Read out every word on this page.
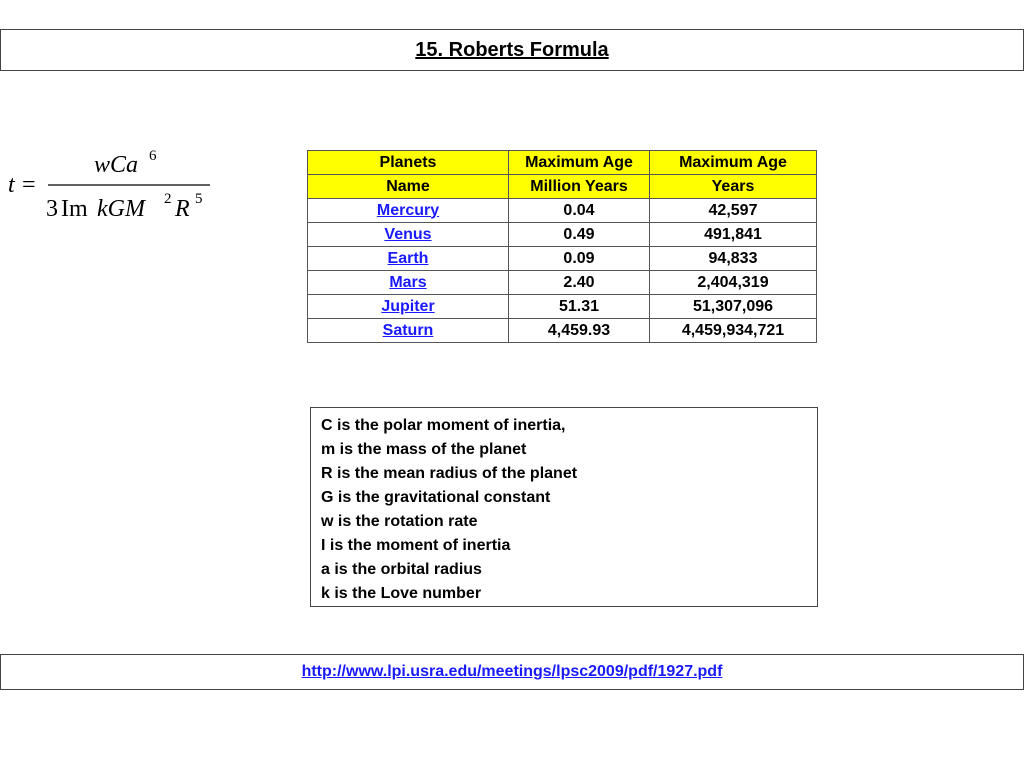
15. Roberts Formula
t =
wCa 6
3 Im kGM 2 R 5
Planets	Maximum Age	Maximum Age
Name	Million Years	Years
Mercury	0.04	42,597
Venus	0.49	491,841
Earth	0.09	94,833
Mars	2.40	2,404,319
Jupiter	51.31	51,307,096
Saturn	4,459.93	4,459,934,721
C is the polar moment of inertia,
m is the mass of the planet
R is the mean radius of the planet
G is the gravitational constant
w is the rotation rate
I is the moment of inertia
a is the orbital radius
k is the Love number
http://www.lpi.usra.edu/meetings/lpsc2009/pdf/1927.pdf
